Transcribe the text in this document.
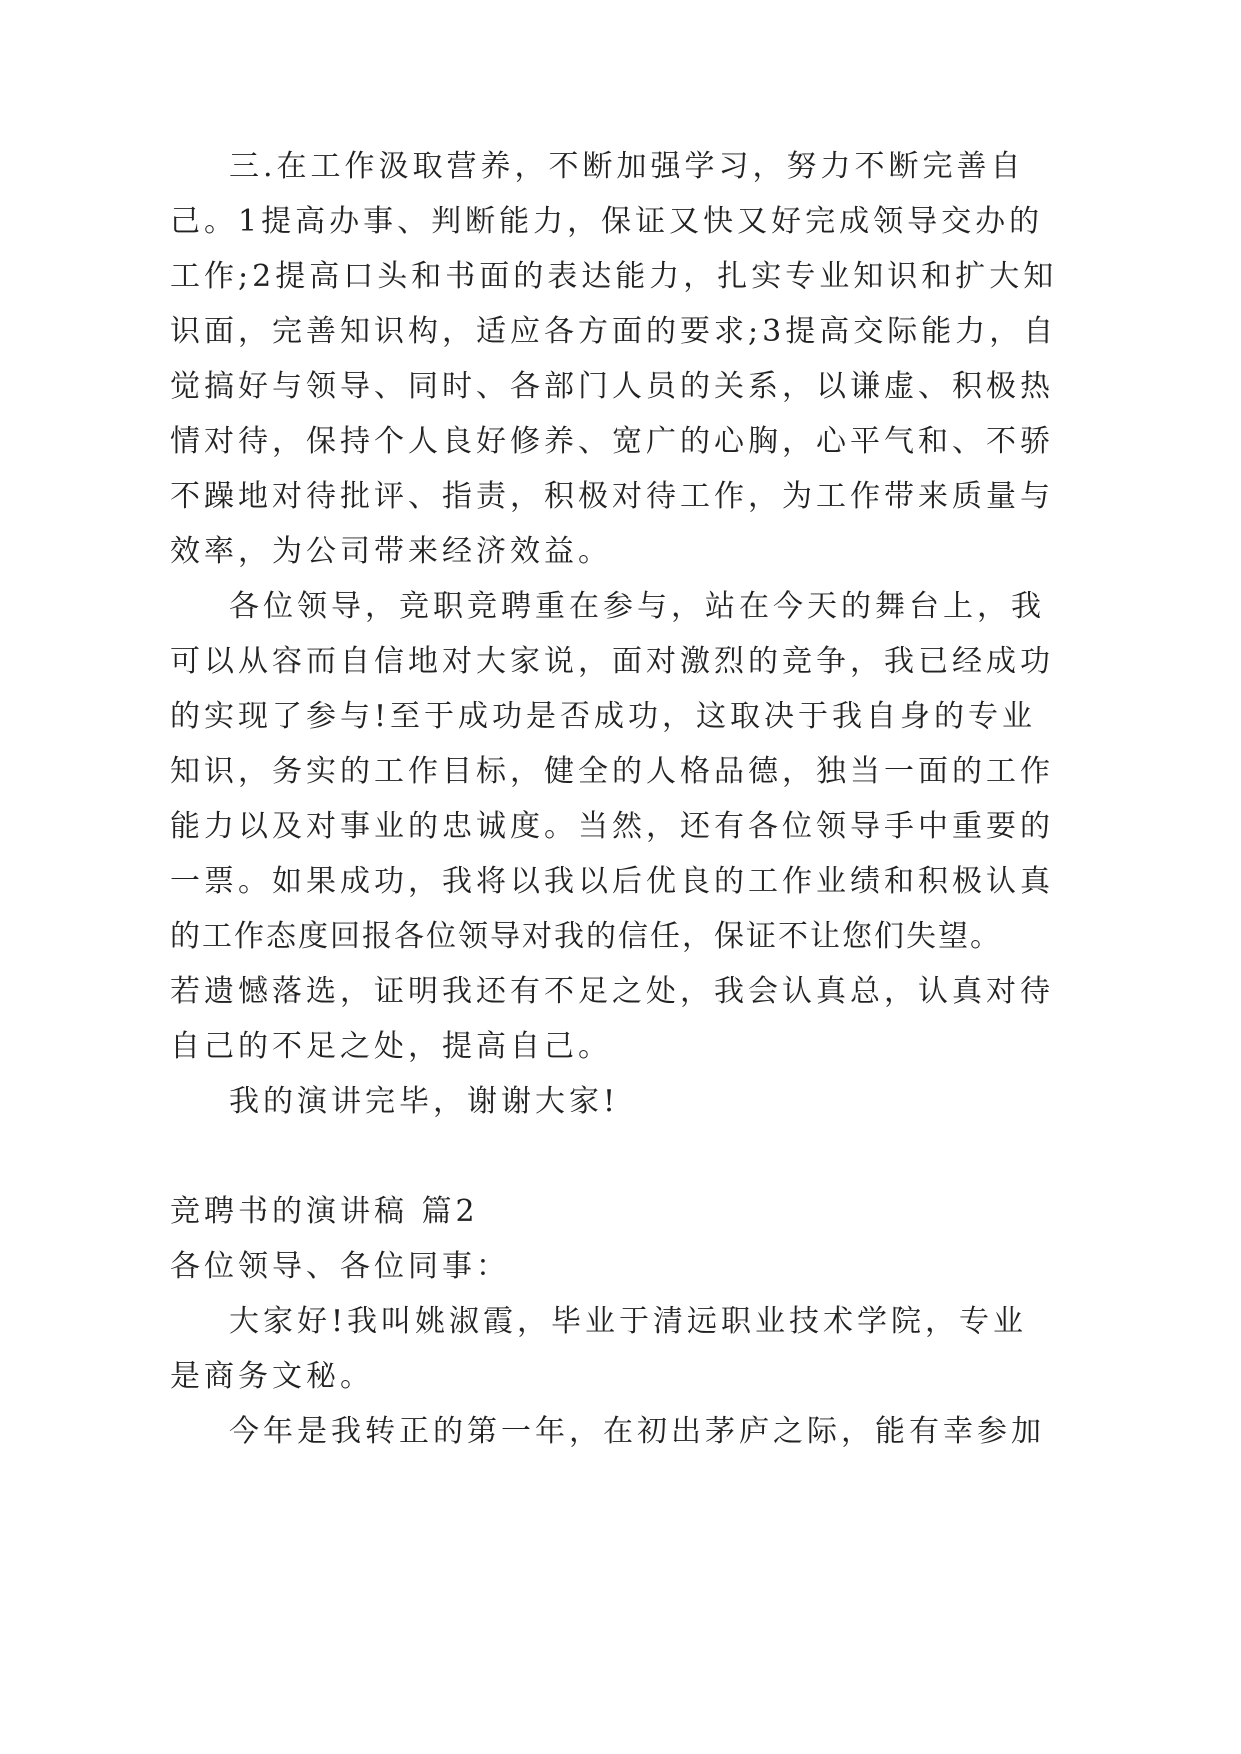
三.在工作汲取营养，不断加强学习，努力不断完善自

己。1提高办事、判断能力，保证又快又好完成领导交办的

工作;2提高口头和书面的表达能力，扎实专业知识和扩大知

识面，完善知识构，适应各方面的要求;3提高交际能力，自

觉搞好与领导、同时、各部门人员的关系，以谦虚、积极热

情对待，保持个人良好修养、宽广的心胸，心平气和、不骄

不躁地对待批评、指责，积极对待工作，为工作带来质量与

效率，为公司带来经济效益。

各位领导，竞职竞聘重在参与，站在今天的舞台上，我

可以从容而自信地对大家说，面对激烈的竞争，我已经成功

的实现了参与!至于成功是否成功，这取决于我自身的专业

知识，务实的工作目标，健全的人格品德，独当一面的工作

能力以及对事业的忠诚度。当然，还有各位领导手中重要的

一票。如果成功，我将以我以后优良的工作业绩和积极认真

的工作态度回报各位领导对我的信任，保证不让您们失望。

若遗憾落选，证明我还有不足之处，我会认真总，认真对待

自己的不足之处，提高自己。

我的演讲完毕，谢谢大家!

竞聘书的演讲稿 篇2

各位领导、各位同事：

大家好!我叫姚淑霞，毕业于清远职业技术学院，专业

是商务文秘。

今年是我转正的第一年，在初出茅庐之际，能有幸参加
